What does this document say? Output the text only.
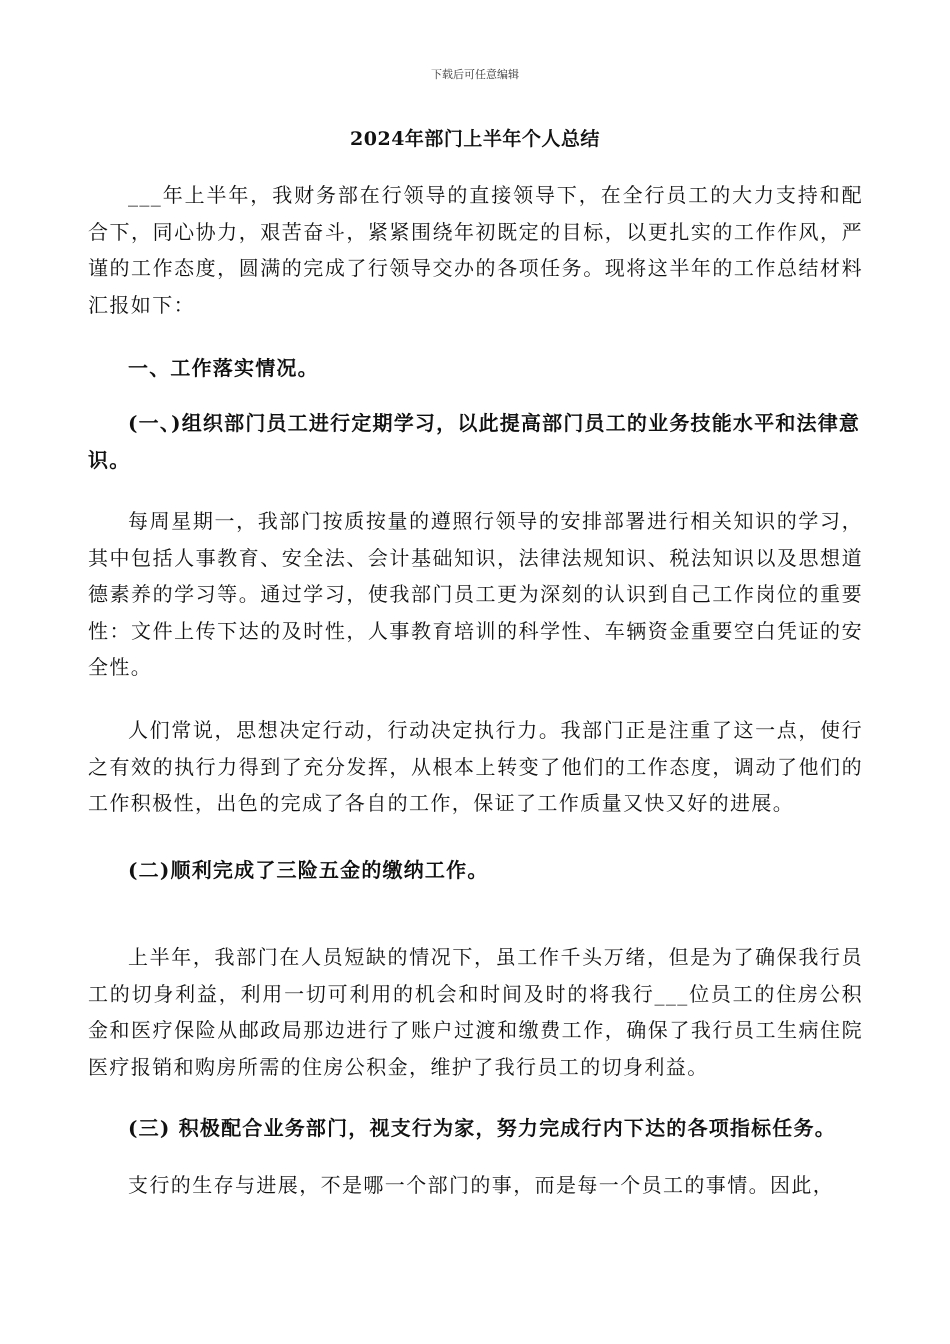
下载后可任意编辑
2024年部门上半年个人总结

___年上半年，我财务部在行领导的直接领导下，在全行员工的大力支持和配合下，同心协力，艰苦奋斗，紧紧围绕年初既定的目标，以更扎实的工作作风，严谨的工作态度，圆满的完成了行领导交办的各项任务。现将这半年的工作总结材料汇报如下：

一、工作落实情况。
(一、)组织部门员工进行定期学习，以此提高部门员工的业务技能水平和法律意识。

每周星期一，我部门按质按量的遵照行领导的安排部署进行相关知识的学习，其中包括人事教育、安全法、会计基础知识，法律法规知识、税法知识以及思想道德素养的学习等。通过学习，使我部门员工更为深刻的认识到自己工作岗位的重要性：文件上传下达的及时性，人事教育培训的科学性、车辆资金重要空白凭证的安全性。

人们常说，思想决定行动，行动决定执行力。我部门正是注重了这一点，使行之有效的执行力得到了充分发挥，从根本上转变了他们的工作态度，调动了他们的工作积极性，出色的完成了各自的工作，保证了工作质量又快又好的进展。

(二)顺利完成了三险五金的缴纳工作。

上半年，我部门在人员短缺的情况下，虽工作千头万绪，但是为了确保我行员工的切身利益，利用一切可利用的机会和时间及时的将我行___位员工的住房公积金和医疗保险从邮政局那边进行了账户过渡和缴费工作，确保了我行员工生病住院医疗报销和购房所需的住房公积金，维护了我行员工的切身利益。

(三) 积极配合业务部门，视支行为家，努力完成行内下达的各项指标任务。

支行的生存与进展，不是哪一个部门的事，而是每一个员工的事情。因此，
